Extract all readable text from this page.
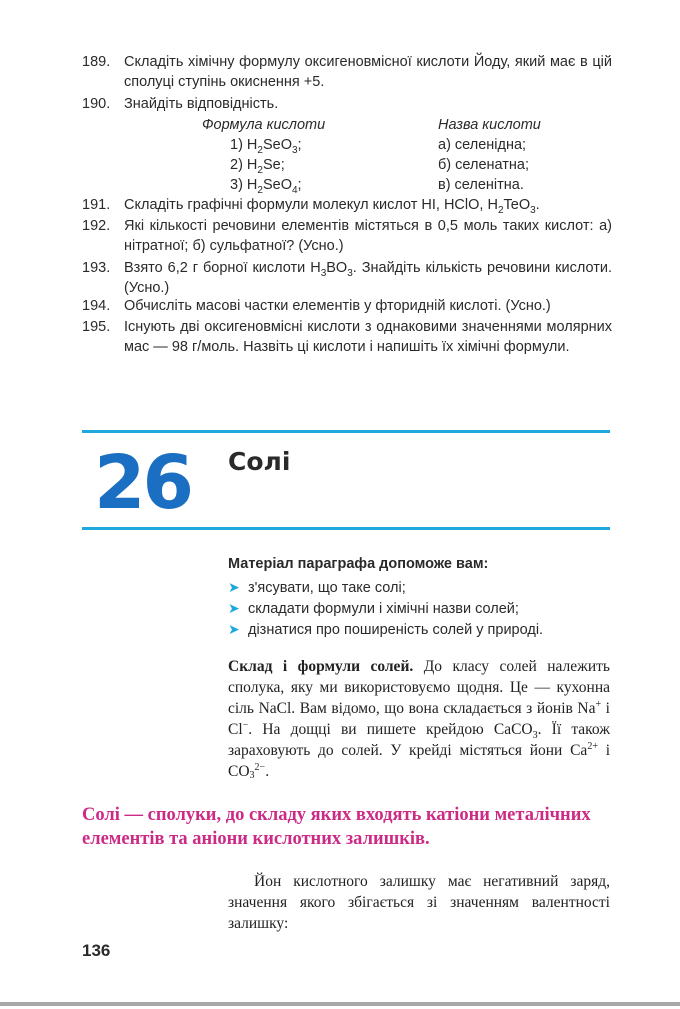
189. Складіть хімічну формулу оксигеновмісної кислоти Йоду, який має в цій сполуці ступінь окиснення +5.
190. Знайдіть відповідність.
Формула кислоти	Назва кислоти
1) $H_2SeO_3$;
2) $H_2Se$;
3) $H_2SeO_4$;
а) селенідна;
б) селенатна;
в) селенітна.
191. Складіть графічні формули молекул кислот HI, HClO, $H_2TeO_3$.
192. Які кількості речовини елементів містяться в 0,5 моль таких кислот: а) нітратної; б) сульфатної? (Усно.)
193. Взято 6,2 г борної кислоти $H_3BO_3$. Знайдіть кількість речовини кислоти. (Усно.)
194. Обчисліть масові частки елементів у фторидній кислоті. (Усно.)
195. Існують дві оксигеновмісні кислоти з однаковими значеннями молярних мас — 98 г/моль. Назвіть ці кислоти і напишіть їх хімічні формули.
26 Солі
Матеріал параграфа допоможе вам:
➤ з'ясувати, що таке солі;
➤ складати формули і хімічні назви солей;
➤ дізнатися про поширеність солей у природі.
Склад і формули солей. До класу солей належить сполука, яку ми використовуємо щодня. Це — кухонна сіль NaCl. Вам відомо, що вона складається з йонів Na+ і Cl−. На дощці ви пишете крейдою CaCO$_3$. Її також зараховують до солей. У крейді містяться йони $Ca^{2+}$ і $CO_3^{2-}$.
Солі — сполуки, до складу яких входять катіони металічних елементів та аніони кислотних залишків.
Йон кислотного залишку має негативний заряд, значення якого збігається зі значенням валентності залишку:
136
